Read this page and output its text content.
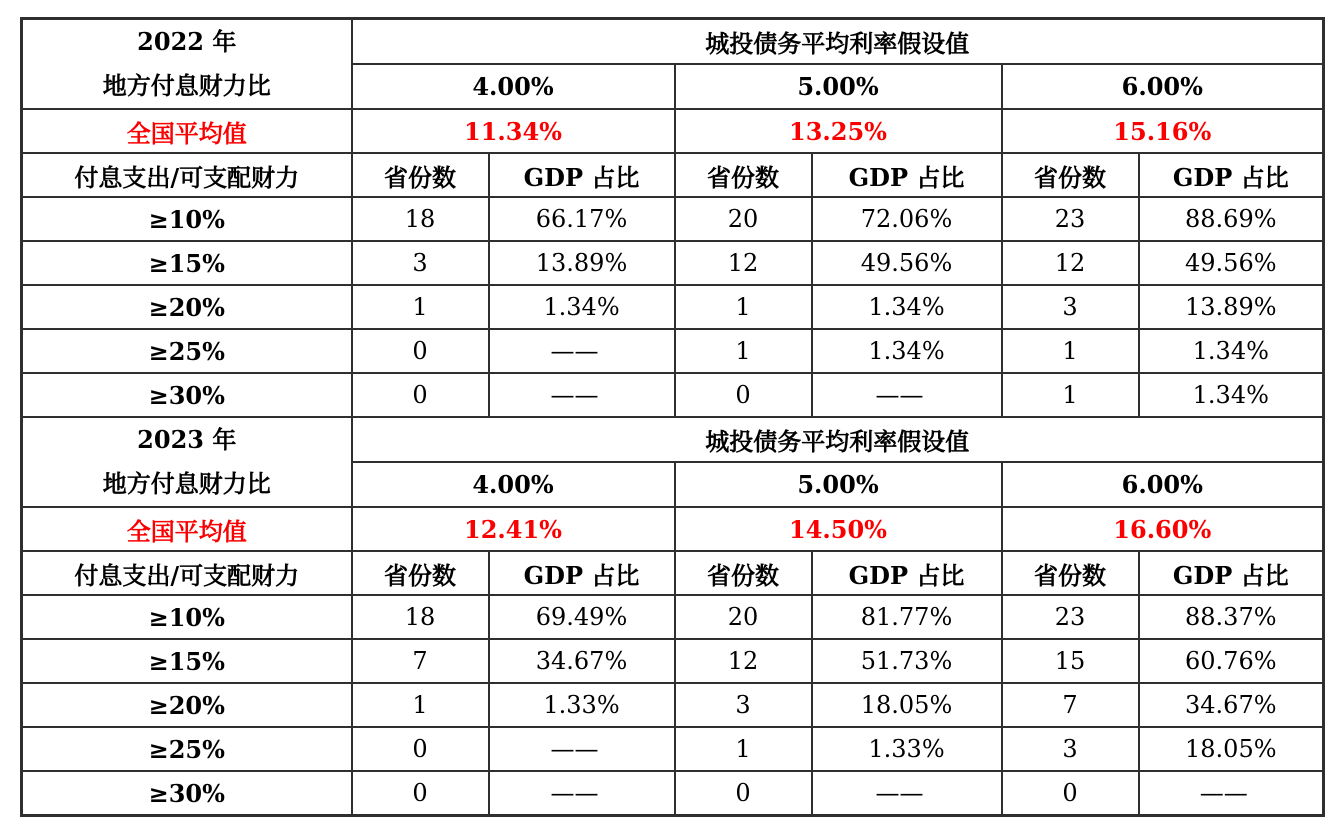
2022 年
地方付息财力比	城投债务平均利率假设值					
	4.00%		5.00%		6.00%	
全国平均值	11.34%		13.25%		15.16%	
付息支出/可支配财力	省份数	GDP 占比	省份数	GDP 占比	省份数	GDP 占比
≥10%	18	66.17%	20	72.06%	23	88.69%
≥15%	3	13.89%	12	49.56%	12	49.56%
≥20%	1	1.34%	1	1.34%	3	13.89%
≥25%	0	——	1	1.34%	1	1.34%
≥30%	0	——	0	——	1	1.34%

2023 年
地方付息财力比	城投债务平均利率假设值					
	4.00%		5.00%		6.00%	
全国平均值	12.41%		14.50%		16.60%	
付息支出/可支配财力	省份数	GDP 占比	省份数	GDP 占比	省份数	GDP 占比
≥10%	18	69.49%	20	81.77%	23	88.37%
≥15%	7	34.67%	12	51.73%	15	60.76%
≥20%	1	1.33%	3	18.05%	7	34.67%
≥25%	0	——	1	1.33%	3	18.05%
≥30%	0	——	0	——	0	——
